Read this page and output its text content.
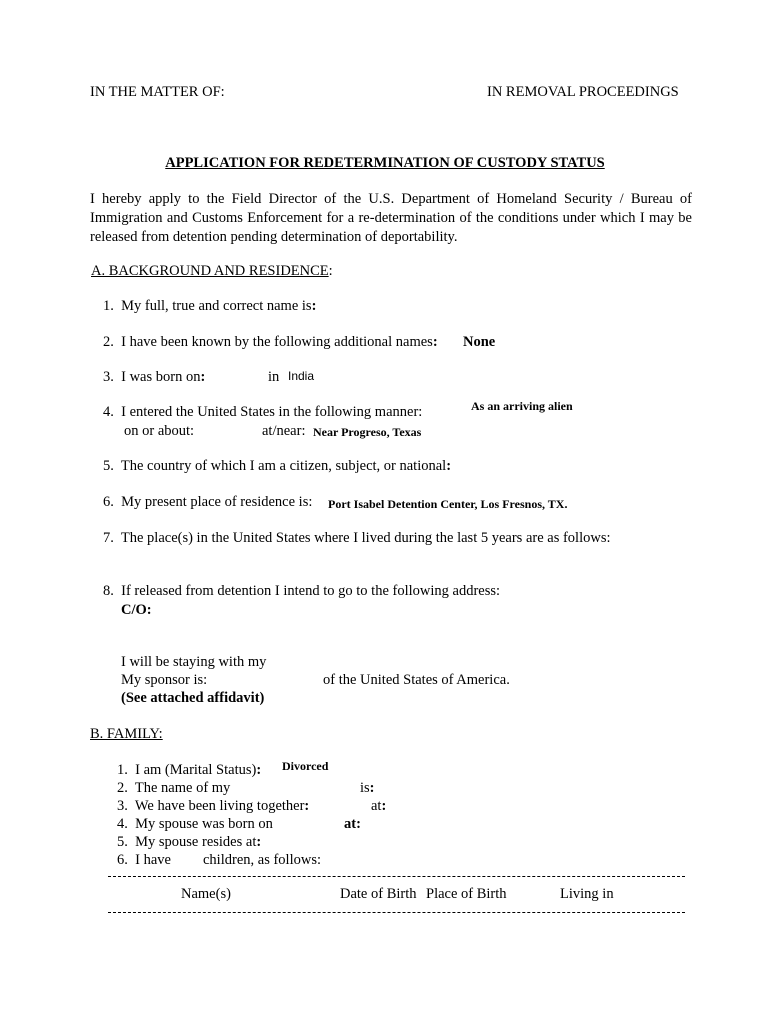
IN THE MATTER OF:	IN REMOVAL PROCEEDINGS
APPLICATION FOR REDETERMINATION OF CUSTODY STATUS
I hereby apply to the Field Director of the U.S. Department of Homeland Security / Bureau of Immigration and Customs Enforcement for a re-determination of the conditions under which I may be released from detention pending determination of deportability.
A. BACKGROUND AND RESIDENCE:
1. My full, true and correct name is:
2. I have been known by the following additional names: None
3. I was born on:	in India
4. I entered the United States in the following manner:	As an arriving alien
on or about:	at/near: Near Progreso, Texas
5. The country of which I am a citizen, subject, or national:
6. My present place of residence is: Port Isabel Detention Center, Los Fresnos, TX.
7. The place(s) in the United States where I lived during the last 5 years are as follows:
8. If released from detention I intend to go to the following address:
C/O:
I will be staying with my
My sponsor is:	of the United States of America.
(See attached affidavit)
B. FAMILY:
1. I am (Marital Status): Divorced
2. The name of my	is:
3. We have been living together:	at:
4. My spouse was born on	at:
5. My spouse resides at:
6. I have children, as follows:
Name(s)	Date of Birth Place of Birth	Living in
